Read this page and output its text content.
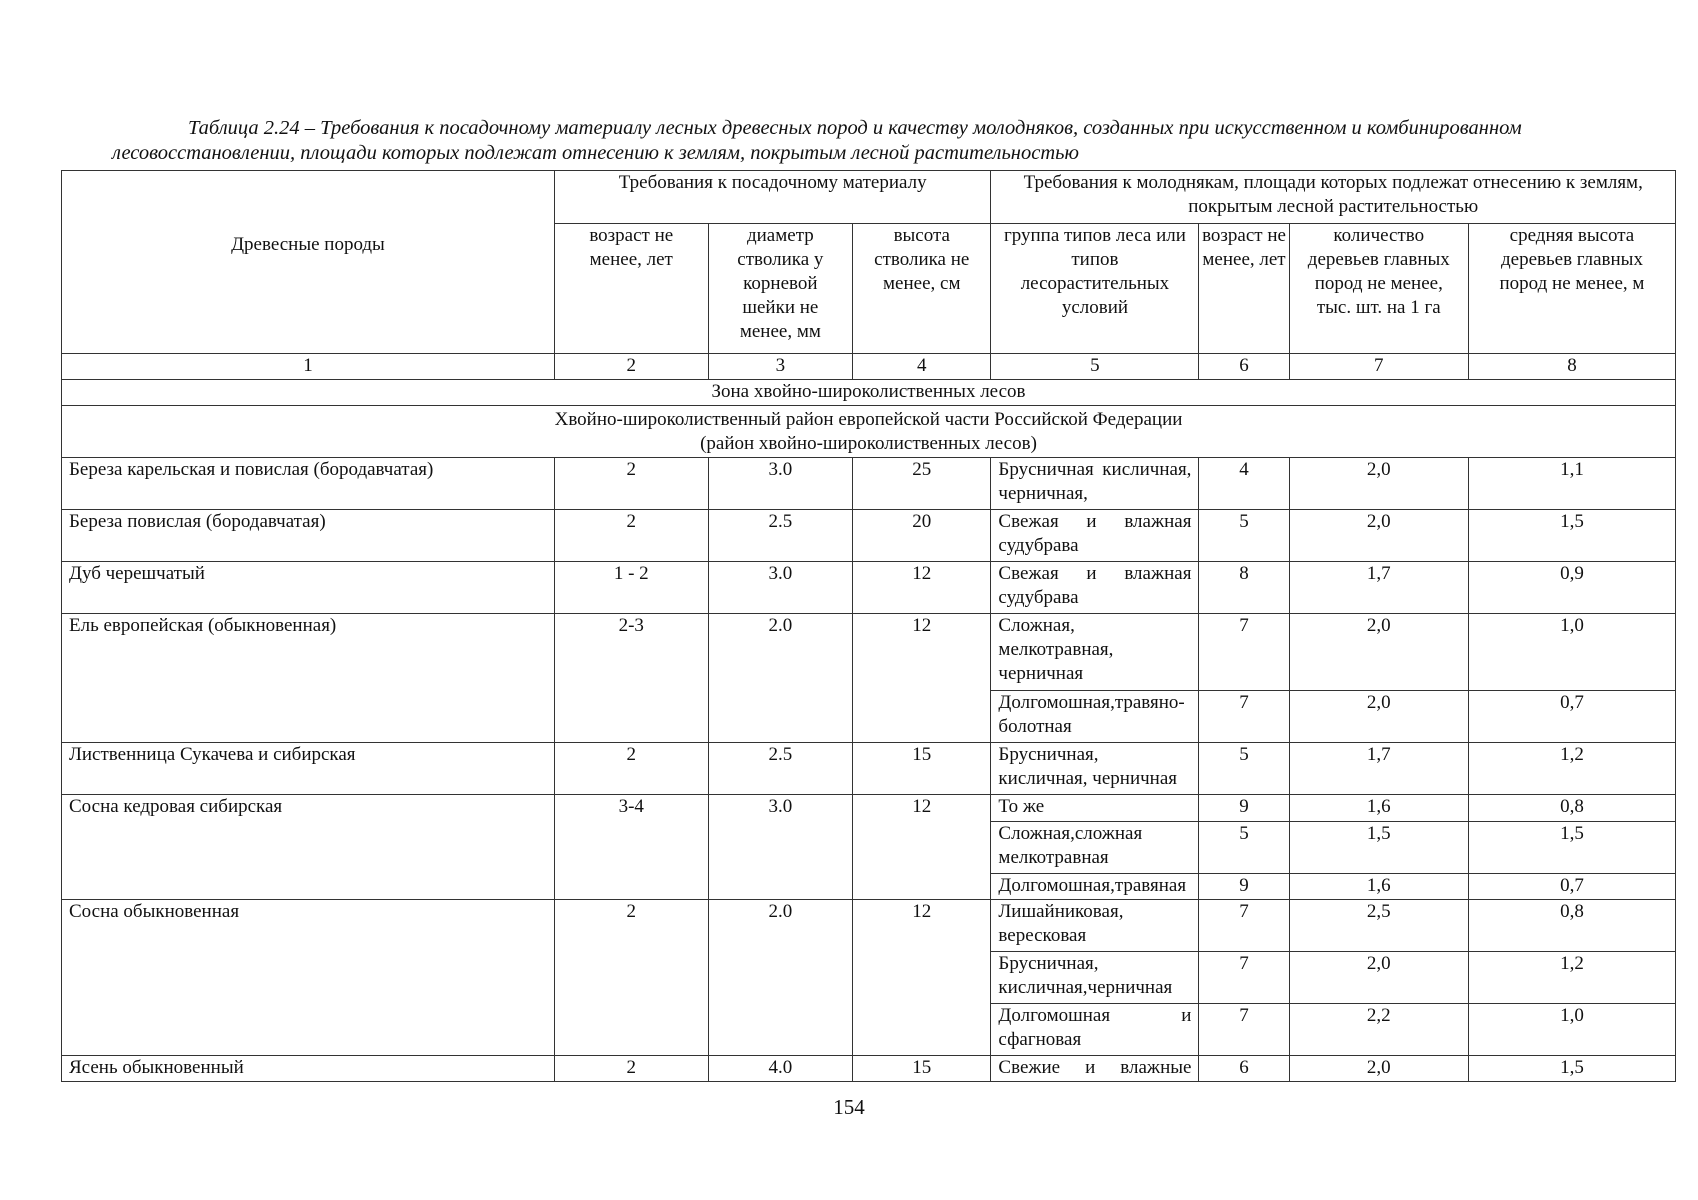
Таблица 2.24 – Требования к посадочному материалу лесных древесных пород и качеству молодняков, созданных при искусственном и комбинированном лесовосстановлении, площади которых подлежат отнесению к землям, покрытым лесной растительностью
Древесные породы	Требования к посадочному материалу			Требования к молоднякам, площади которых подлежат отнесению к землям, покрытым лесной растительностью			
	возраст не менее, лет	диаметр стволика у корневой шейки не менее, мм	высота стволика не менее, см	группа типов леса или типов лесорастительных условий	возраст не менее, лет	количество деревьев главных пород не менее, тыс. шт. на 1 га	средняя высота деревьев главных пород не менее, м
1	2	3	4	5	6	7	8
Зона хвойно-широколиственных лесов							

Хвойно-широколиственный район европейской части Российской Федерации
(район хвойно-широколиственных лесов)							

Береза карельская и повислая (бородавчатая)	2	3.0	25	Брусничная кисличная, черничная,	4	2,0	1,1
Береза повислая (бородавчатая)	2	2.5	20	Свежая и влажная судубрава	5	2,0	1,5
Дуб черешчатый	1 - 2	3.0	12	Свежая и влажная судубрава	8	1,7	0,9
Ель европейская (обыкновенная)	2-3	2.0	12	Сложная, мелкотравная, черничная	7	2,0	1,0
				Долгомошная,травяно-болотная	7	2,0	0,7
Лиственница Сукачева и сибирская	2	2.5	15	Брусничная, кисличная, черничная	5	1,7	1,2
Сосна кедровая сибирская	3-4	3.0	12	То же	9	1,6	0,8

				Сложная,сложная мелкотравная	5	1,5	1,5
				Долгомошная,травяная	9	1,6	0,7
Сосна обыкновенная	2	2.0	12	Лишайниковая, вересковая	7	2,5	0,8

				Брусничная, кисличная,черничная	7	2,0	1,2
				Долгомошная и сфагновая	7	2,2	1,0
Ясень обыкновенный	2	4.0	15	Свежие и влажные	6	2,0	1,5
154
